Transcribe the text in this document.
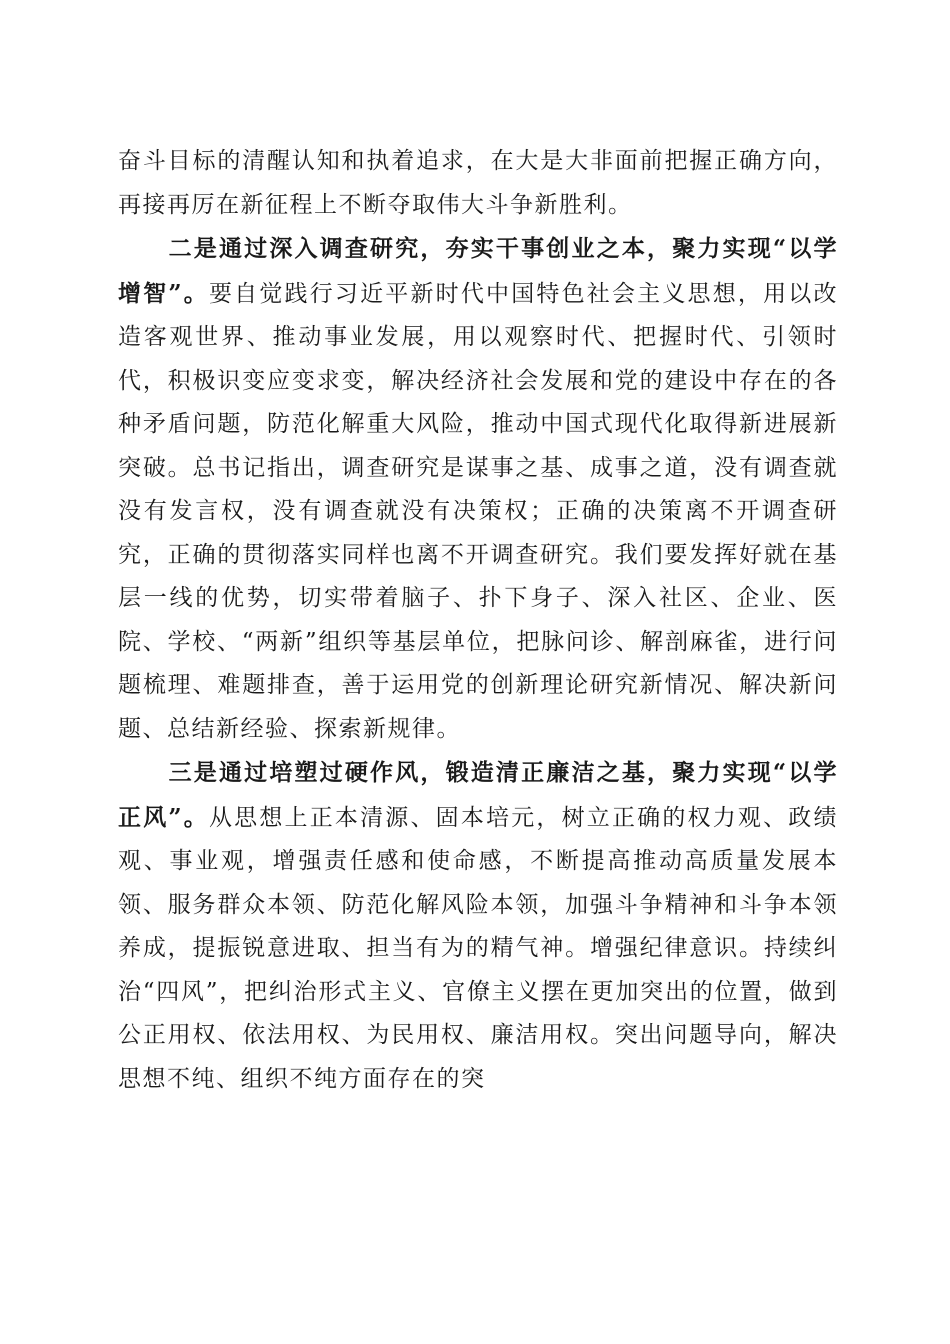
奋斗目标的清醒认知和执着追求，在大是大非面前把握正确方向，再接再厉在新征程上不断夺取伟大斗争新胜利。

二是通过深入调查研究，夯实干事创业之本，聚力实现“以学增智”。要自觉践行习近平新时代中国特色社会主义思想，用以改造客观世界、推动事业发展，用以观察时代、把握时代、引领时代，积极识变应变求变，解决经济社会发展和党的建设中存在的各种矛盾问题，防范化解重大风险，推动中国式现代化取得新进展新突破。总书记指出，调查研究是谋事之基、成事之道，没有调查就没有发言权，没有调查就没有决策权；正确的决策离不开调查研究，正确的贯彻落实同样也离不开调查研究。我们要发挥好就在基层一线的优势，切实带着脑子、扑下身子、深入社区、企业、医院、学校、“两新”组织等基层单位，把脉问诊、解剖麻雀，进行问题梳理、难题排查，善于运用党的创新理论研究新情况、解决新问题、总结新经验、探索新规律。

三是通过培塑过硬作风，锻造清正廉洁之基，聚力实现“以学正风”。从思想上正本清源、固本培元，树立正确的权力观、政绩观、事业观，增强责任感和使命感，不断提高推动高质量发展本领、服务群众本领、防范化解风险本领，加强斗争精神和斗争本领养成，提振锐意进取、担当有为的精气神。增强纪律意识。持续纠治“四风”，把纠治形式主义、官僚主义摆在更加突出的位置，做到公正用权、依法用权、为民用权、廉洁用权。突出问题导向，解决思想不纯、组织不纯方面存在的突
